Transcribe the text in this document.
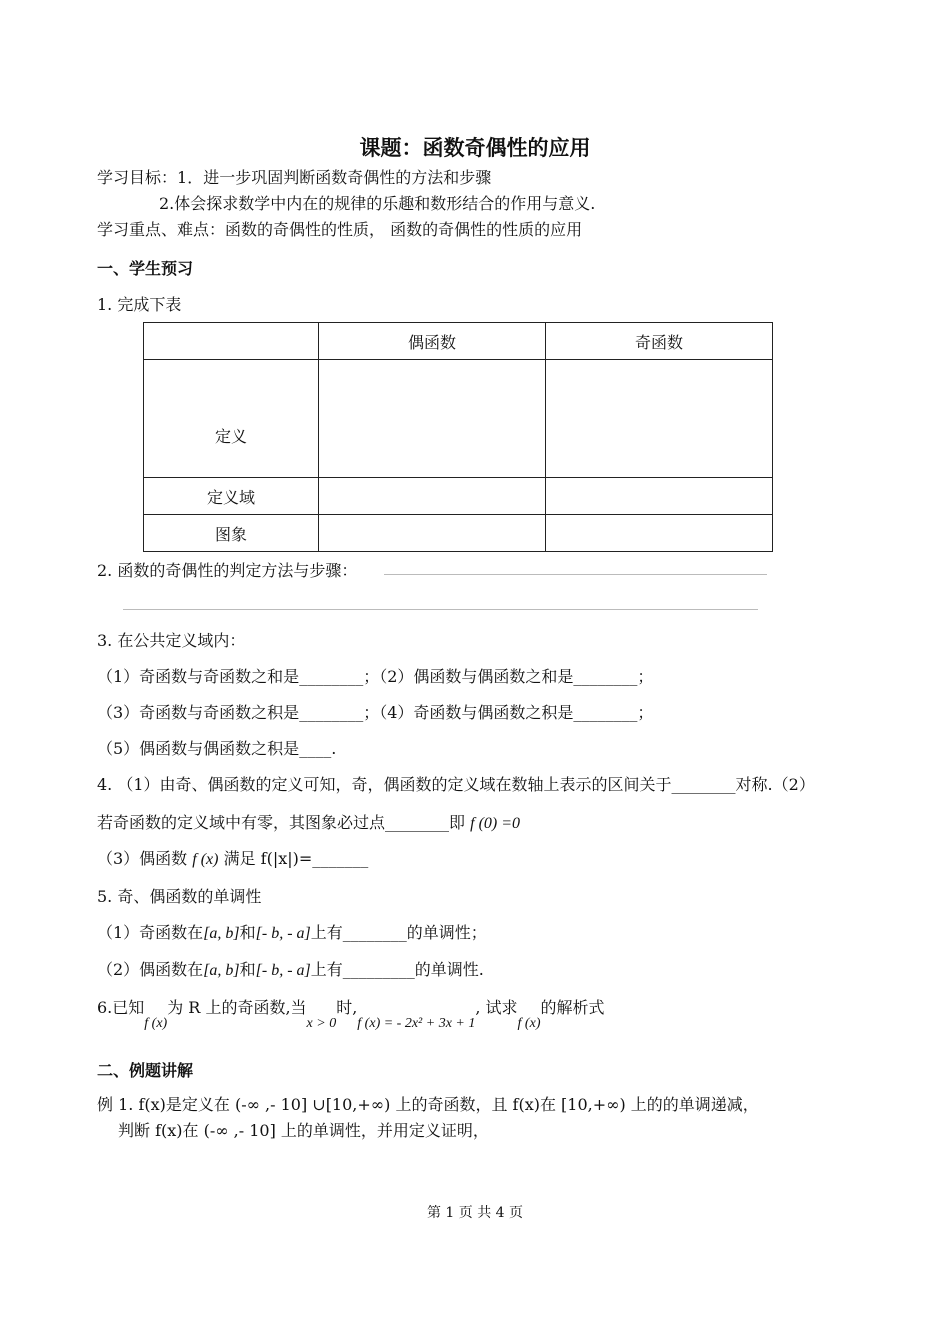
课题：函数奇偶性的应用
学习目标：1．进一步巩固判断函数奇偶性的方法和步骤
2.体会探求数学中内在的规律的乐趣和数形结合的作用与意义.
学习重点、难点：函数的奇偶性的性质， 函数的奇偶性的性质的应用
一、学生预习
1. 完成下表
	偶函数	奇函数
定义		
定义域		
图象		
2. 函数的奇偶性的判定方法与步骤：
3. 在公共定义域内：
（1）奇函数与奇函数之和是________；（2）偶函数与偶函数之和是________；
（3）奇函数与奇函数之积是________；（4）奇函数与偶函数之积是________；
（5）偶函数与偶函数之积是____.
4. （1）由奇、偶函数的定义可知，奇，偶函数的定义域在数轴上表示的区间关于________对称.（2）
若奇函数的定义域中有零，其图象必过点________即 f (0) =0
（3）偶函数 f (x) 满足 f(|x|)=_______
5. 奇、偶函数的单调性
（1）奇函数在[a, b]和[- b, - a]上有________的单调性；
（2）偶函数在[a, b]和[- b, - a]上有_________的单调性.
6.已知f (x)为 R 上的奇函数,当x > 0时,f (x) = - 2x² + 3x + 1, 试求f (x)的解析式
二、例题讲解
例 1. f(x)是定义在 (-∞ ,- 10] ∪[10,+∞) 上的奇函数，且 f(x)在 [10,+∞) 上的的单调递减，
判断 f(x)在 (-∞ ,- 10] 上的单调性，并用定义证明，
第 1 页 共 4 页
